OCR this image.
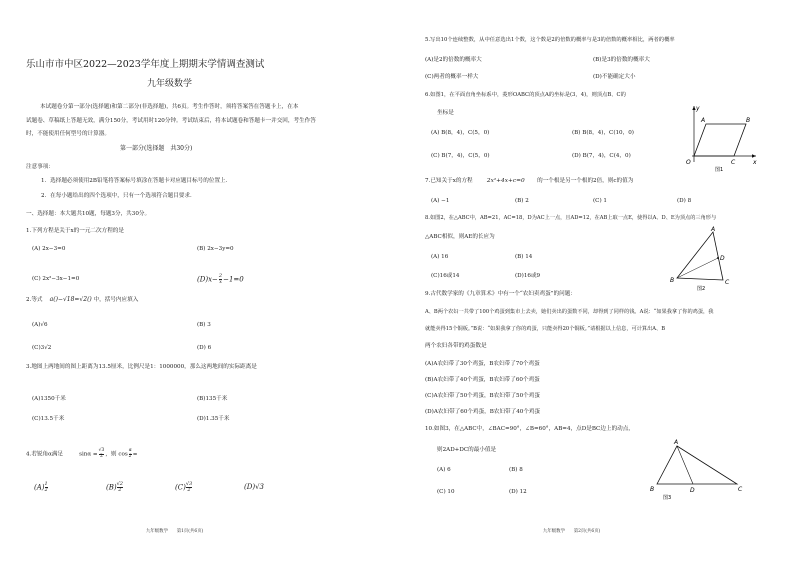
乐山市市中区2022—2023学年度上期期末学情调查测试
九年级数学
本试题卷分第一部分(选择题)和第二部分(非选择题)，共6页。考生作答时，须将答案答在答题卡上，在本
试题卷、草稿纸上答题无效，满分150分，考试用时120分钟。考试结束后，将本试题卷和答题卡一并交回，考生作答
时，不能使用任何型号的计算器。
第一部分(选择题　共30分)
注意事项：
1．选择题必须使用2B铅笔将答案标号填涂在答题卡对应题目标号的位置上．
2．在每小题给出的四个选项中，只有一个选项符合题目要求．
一、选择题：本大题共10题，每题3分，共30分。
1.下列方程是关于x的一元二次方程的是
(A) 2x−3=0	(B) 2x−3y=0
(C) 2x²−3x−1=0	$(D)x- \frac{2}{x} -1=0$
2.等式 a()−√18=√2() 中，括号内应填入
(A)√6	(B) 3
(C)3√2	(D) 6
3.地图上两地间的图上距离为13.5厘米，比例尺是1：1000000，那么这两地间的实际距离是
(A)1350千米	(B)135千米
(C)13.5千米	(D)1.35千米
4.若锐角α满足	$\sin\alpha = \frac{√3}{2}$ ，则 $\cos \frac{\alpha}{2}$ =
$(A) \frac{1}{2}$	$(B) \frac{√2}{2}$	$(C) \frac{√3}{2}$	(D)√3
九年级数学　　第1页(共6页)
5.写出10个连续整数，从中任意选出1个数，这个数是2的倍数的概率与是3的倍数的概率相比，两者的概率
(A)是2的倍数的概率大	(B)是3的倍数的概率大
(C)两者的概率一样大	(D)不能确定大小
6.如图1，在平面直角坐标系中，菱形OABC的顶点A的坐标是(3，4)，则顶点B、C的
坐标是
(A) B(8，4)，C(5，0)	(B) B(8，4)，C(10，0)
(C) B(7，4)，C(5，0)	(D) B(7，4)，C(4，0)
y
x
O
A	B
C
图1
7.已知关于x的方程 2x²+4x+c=0 的一个根是另一个根的2倍，则c的值为
(A) −1	(B) 2	(C) 1	(D) 8
8.如图2，在△ABC中，AB=21，AC=18，D为AC上一点，且AD=12，在AB上取一点E，使得以A、D、E为顶点的三角形与
△ABC相似，则AE的长应为
(A) 16	(B) 14
(C)16或14	(D)16或9
A
B	C
D
图2
9.古代数学家的《九章算术》中有一个“农妇卖鸡蛋”的问题：
A、B两个农妇一共带了100个鸡蛋到集市上去卖，她们卖出的蛋数不同，却得到了同样的钱。A说：“如果我拿了你的鸡蛋，我
就能卖得15个铜板。”B说：“如果我拿了你的鸡蛋，只能卖得20个铜板。”请根据以上信息，可计算出A、B
两个农妇各带的鸡蛋数是
(A)A农妇带了30个鸡蛋，B农妇带了70个鸡蛋
(B)A农妇带了40个鸡蛋，B农妇带了60个鸡蛋
(C)A农妇带了50个鸡蛋，B农妇带了50个鸡蛋
(D)A农妇带了60个鸡蛋，B农妇带了40个鸡蛋
10.如图3，在△ABC中，∠BAC=90°，∠B=60°，AB=4，点D是BC边上的动点，
则2AD+DC的最小值是
(A) 6	(B) 8
(C) 10	(D) 12
A
B	C
D
图3
九年级数学　　第2页(共6页)
